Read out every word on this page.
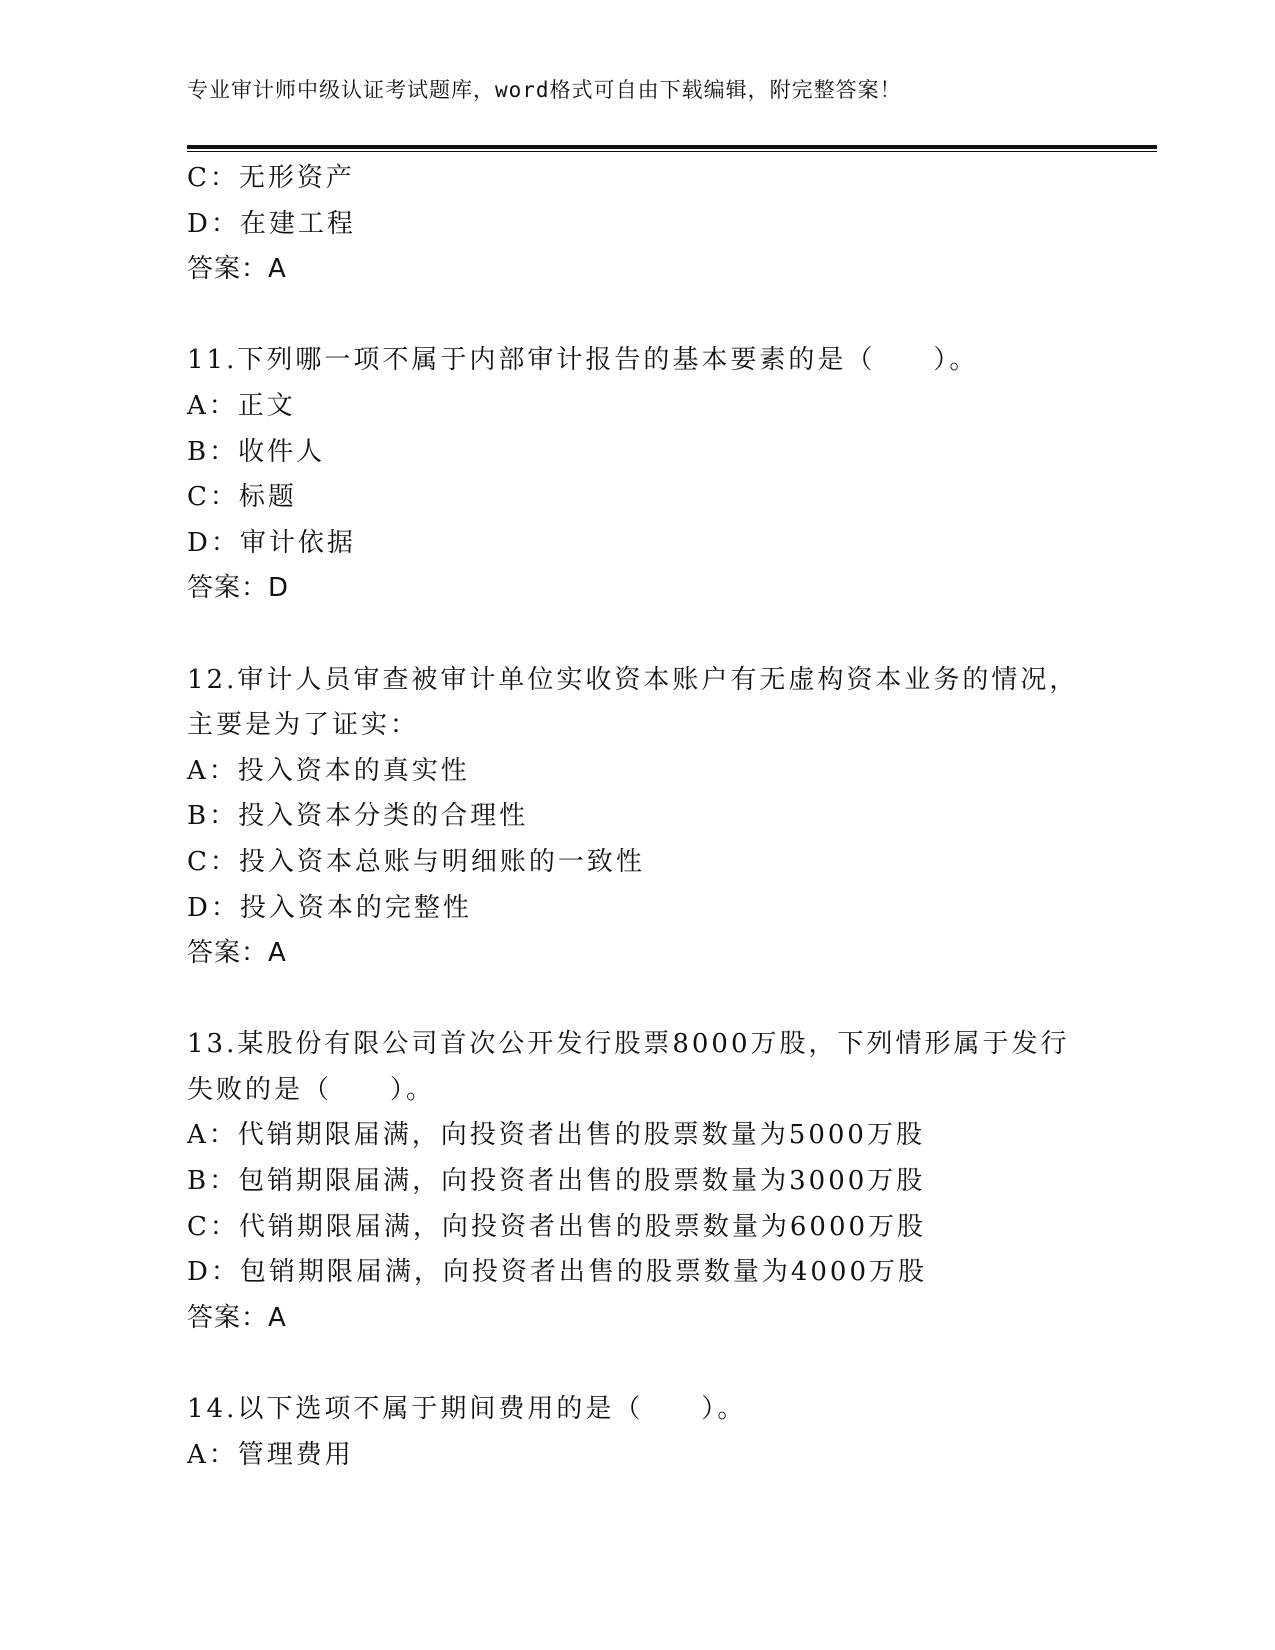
专业审计师中级认证考试题库，word格式可自由下载编辑，附完整答案！
C：无形资产
D：在建工程
答案：A
11.下列哪一项不属于内部审计报告的基本要素的是（　　）。
A：正文
B：收件人
C：标题
D：审计依据
答案：D
12.审计人员审查被审计单位实收资本账户有无虚构资本业务的情况，
主要是为了证实：
A：投入资本的真实性
B：投入资本分类的合理性
C：投入资本总账与明细账的一致性
D：投入资本的完整性
答案：A
13.某股份有限公司首次公开发行股票8000万股，下列情形属于发行
失败的是（　　）。
A：代销期限届满，向投资者出售的股票数量为5000万股
B：包销期限届满，向投资者出售的股票数量为3000万股
C：代销期限届满，向投资者出售的股票数量为6000万股
D：包销期限届满，向投资者出售的股票数量为4000万股
答案：A
14.以下选项不属于期间费用的是（　　）。
A：管理费用
